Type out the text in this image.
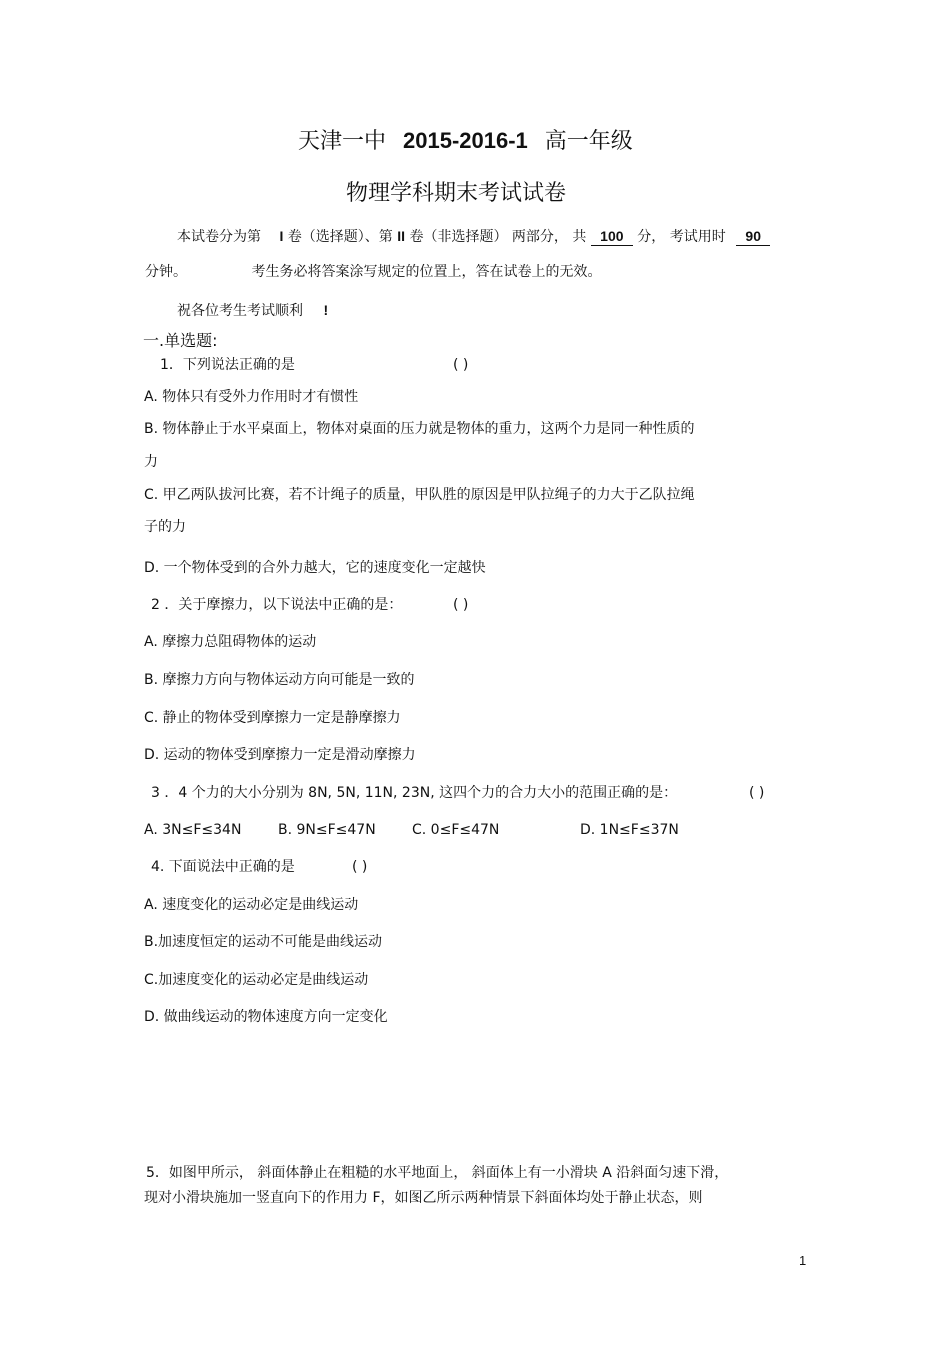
天津一中 2015-2016-1 高一年级
物理学科期末考试试卷
本试卷分为第 I 卷（选择题）、第 II 卷（非选择题） 两部分， 共 100 分， 考试用时 90
分钟。	考生务必将答案涂写规定的位置上，答在试卷上的无效。
祝各位考生考试顺利 !
一.单选题:
1．下列说法正确的是	( )
A. 物体只有受外力作用时才有惯性
B. 物体静止于水平桌面上，物体对桌面的压力就是物体的重力，这两个力是同一种性质的
力
C. 甲乙两队拔河比赛，若不计绳子的质量，甲队胜的原因是甲队拉绳子的力大于乙队拉绳
子的力
D. 一个物体受到的合外力越大，它的速度变化一定越快
2 ．关于摩擦力，以下说法中正确的是：	( )
A. 摩擦力总阻碍物体的运动
B. 摩擦力方向与物体运动方向可能是一致的
C. 静止的物体受到摩擦力一定是静摩擦力
D. 运动的物体受到摩擦力一定是滑动摩擦力
3 ．4 个力的大小分别为 8N, 5N, 11N, 23N, 这四个力的合力大小的范围正确的是：	( )
A. 3N≤F≤34N	B. 9N≤F≤47N	C. 0≤F≤47N	D. 1N≤F≤37N
4. 下面说法中正确的是	( )
A. 速度变化的运动必定是曲线运动
B.加速度恒定的运动不可能是曲线运动
C.加速度变化的运动必定是曲线运动
D. 做曲线运动的物体速度方向一定变化
5．如图甲所示， 斜面体静止在粗糙的水平地面上， 斜面体上有一小滑块 A 沿斜面匀速下滑，
现对小滑块施加一竖直向下的作用力 F，如图乙所示两种情景下斜面体均处于静止状态，则
1
